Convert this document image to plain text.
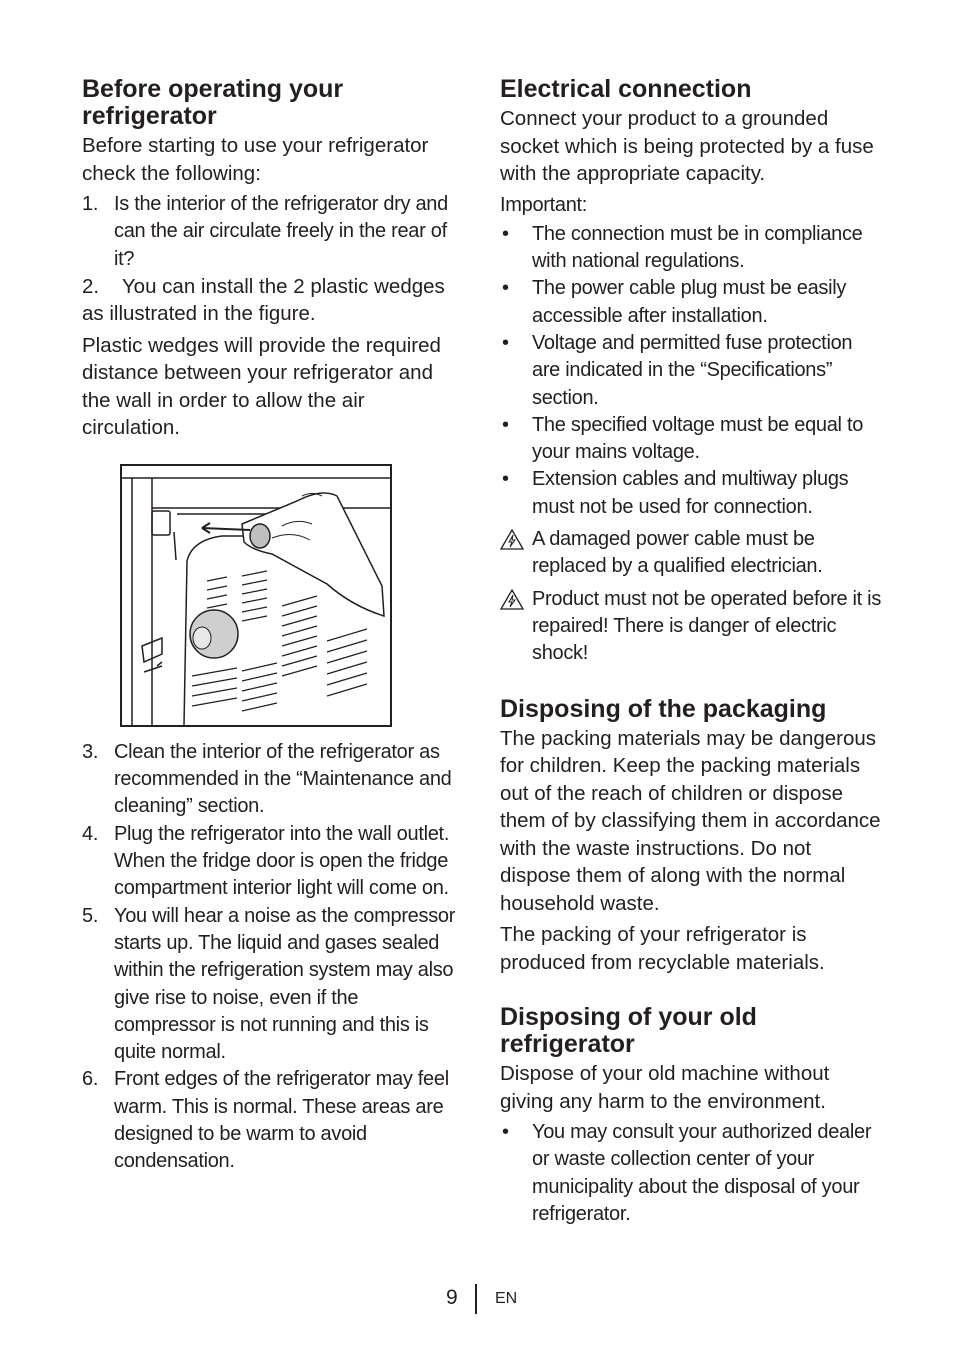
Before operating your refrigerator

Before starting to use your refrigerator check the following:

1. Is the interior of the refrigerator dry and can the air circulate freely in the rear of it?

2.    You can install the 2 plastic wedges as illustrated in the figure.

Plastic wedges will provide the required distance between your refrigerator and the wall in order to allow the air circulation.

3. Clean the interior of the refrigerator as recommended in the “Maintenance and cleaning” section.
4. Plug the refrigerator into the wall outlet. When the fridge door is open the fridge compartment interior light will come on.
5. You will hear a noise as the compressor starts up. The liquid and gases sealed within the refrigeration system may also give rise to noise, even if the compressor is not running and this is quite normal.
6. Front edges of the refrigerator may feel warm. This is normal. These areas are designed to be warm to avoid condensation.
Electrical connection

Connect your product to a grounded socket which is being protected by a fuse with the appropriate capacity.

Important:

• The connection must be in compliance with national regulations.
• The power cable plug must be easily accessible after installation.
• Voltage and permitted fuse protection are indicated in the “Specifications” section.
• The specified voltage must be equal to your mains voltage.
• Extension cables and multiway plugs must not be used for connection.
A damaged power cable must be replaced by a qualified electrician.
Product must not be operated before it is repaired! There is danger of electric shock!
Disposing of the packaging

The packing materials may be dangerous for children. Keep the packing materials out of the reach of children or dispose them of by classifying them in accordance with the waste instructions. Do not dispose them of along with the normal household waste.

The packing of your refrigerator is produced from recyclable materials.

Disposing of your old refrigerator

Dispose of your old machine without giving any harm to the environment.

• You may consult your authorized dealer or waste collection center of your municipality about the disposal of your refrigerator.
9 EN
